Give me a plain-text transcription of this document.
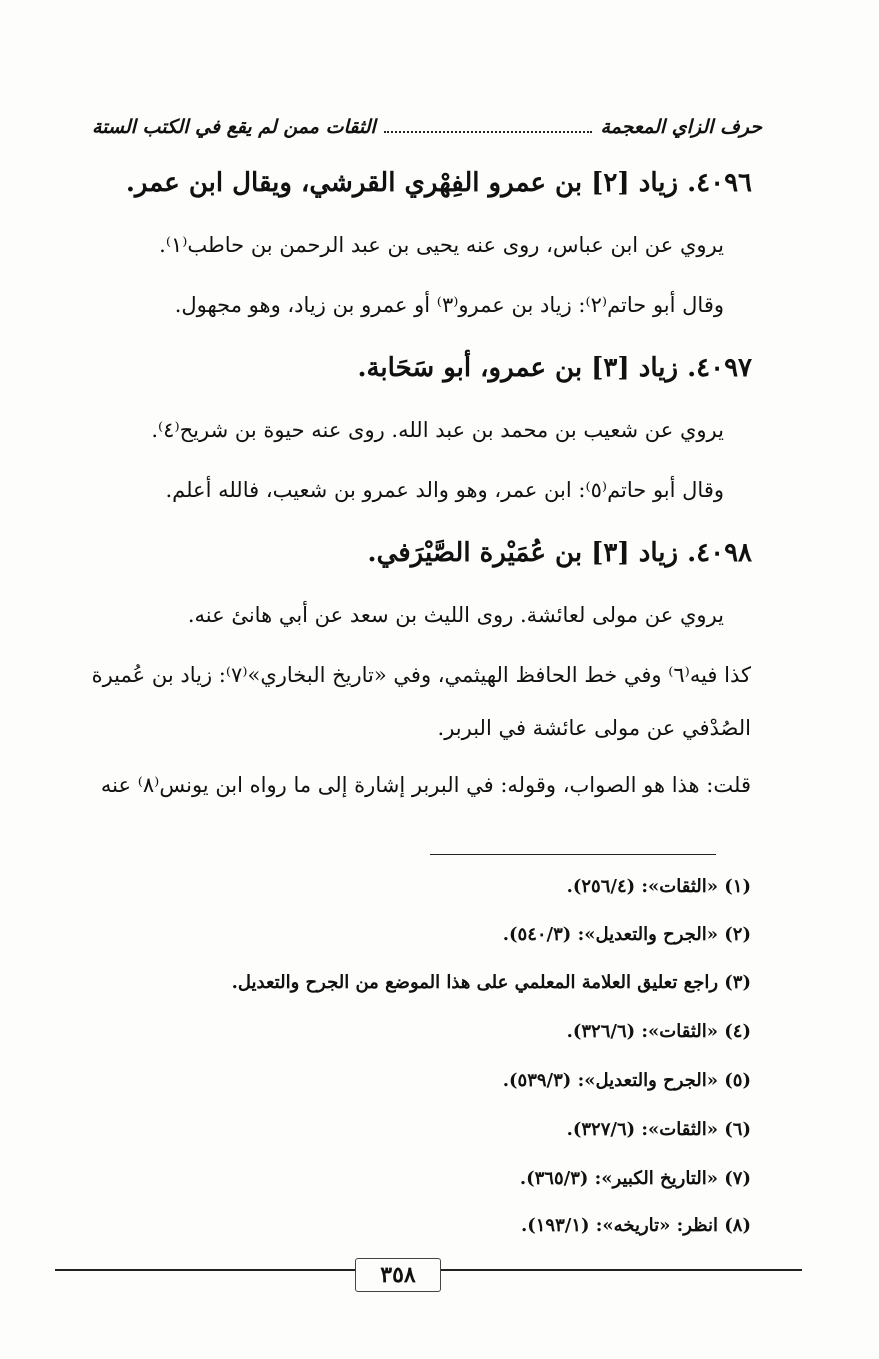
حرف الزاي المعجمة
الثقات ممن لم يقع في الكتب الستة
٤٠٩٦. زياد [٢] بن عمرو الفِهْري القرشي، ويقال ابن عمر.
يروي عن ابن عباس، روى عنه يحيى بن عبد الرحمن بن حاطب⁽١⁾.
وقال أبو حاتم⁽٢⁾: زياد بن عمرو⁽٣⁾ أو عمرو بن زياد، وهو مجهول.
٤٠٩٧. زياد [٣] بن عمرو، أبو سَحَابة.
يروي عن شعيب بن محمد بن عبد الله. روى عنه حيوة بن شريح⁽٤⁾.
وقال أبو حاتم⁽٥⁾: ابن عمر، وهو والد عمرو بن شعيب، فالله أعلم.
٤٠٩٨. زياد [٣] بن عُمَيْرة الصَّيْرَفي.
يروي عن مولى لعائشة. روى الليث بن سعد عن أبي هانئ عنه.
كذا فيه⁽٦⁾ وفي خط الحافظ الهيثمي، وفي «تاريخ البخاري»⁽٧⁾: زياد بن عُميرة
الصُدْفي عن مولى عائشة في البربر.
قلت: هذا هو الصواب، وقوله: في البربر إشارة إلى ما رواه ابن يونس⁽٨⁾ عنه
(١) «الثقات»: (٢٥٦/٤).
(٢) «الجرح والتعديل»: (٥٤٠/٣).
(٣) راجع تعليق العلامة المعلمي على هذا الموضع من الجرح والتعديل.
(٤) «الثقات»: (٣٢٦/٦).
(٥) «الجرح والتعديل»: (٥٣٩/٣).
(٦) «الثقات»: (٣٢٧/٦).
(٧) «التاريخ الكبير»: (٣٦٥/٣).
(٨) انظر: «تاريخه»: (١٩٣/١).
٣٥٨
